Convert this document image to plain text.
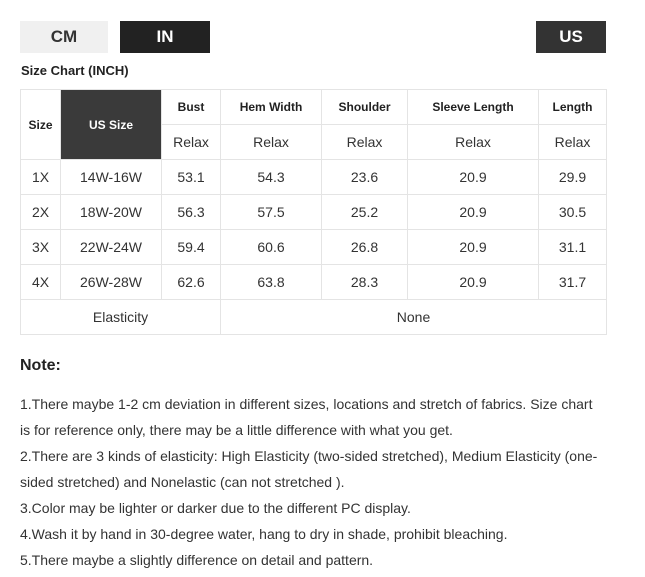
CM	IN	US
Size Chart (INCH)
Size	US Size	Bust	Hem Width	Shoulder	Sleeve Length	Length
		Relax	Relax	Relax	Relax	Relax
1X	14W-16W	53.1	54.3	23.6	20.9	29.9
2X	18W-20W	56.3	57.5	25.2	20.9	30.5
3X	22W-24W	59.4	60.6	26.8	20.9	31.1
4X	26W-28W	62.6	63.8	28.3	20.9	31.7
Elasticity			None			
Note:

1.There maybe 1-2 cm deviation in different sizes, locations and stretch of fabrics. Size chart is for reference only, there may be a little difference with what you get.

2.There are 3 kinds of elasticity: High Elasticity (two-sided stretched), Medium Elasticity (one-sided stretched) and Nonelastic (can not stretched ).

3.Color may be lighter or darker due to the different PC display.

4.Wash it by hand in 30-degree water, hang to dry in shade, prohibit bleaching.

5.There maybe a slightly difference on detail and pattern.
